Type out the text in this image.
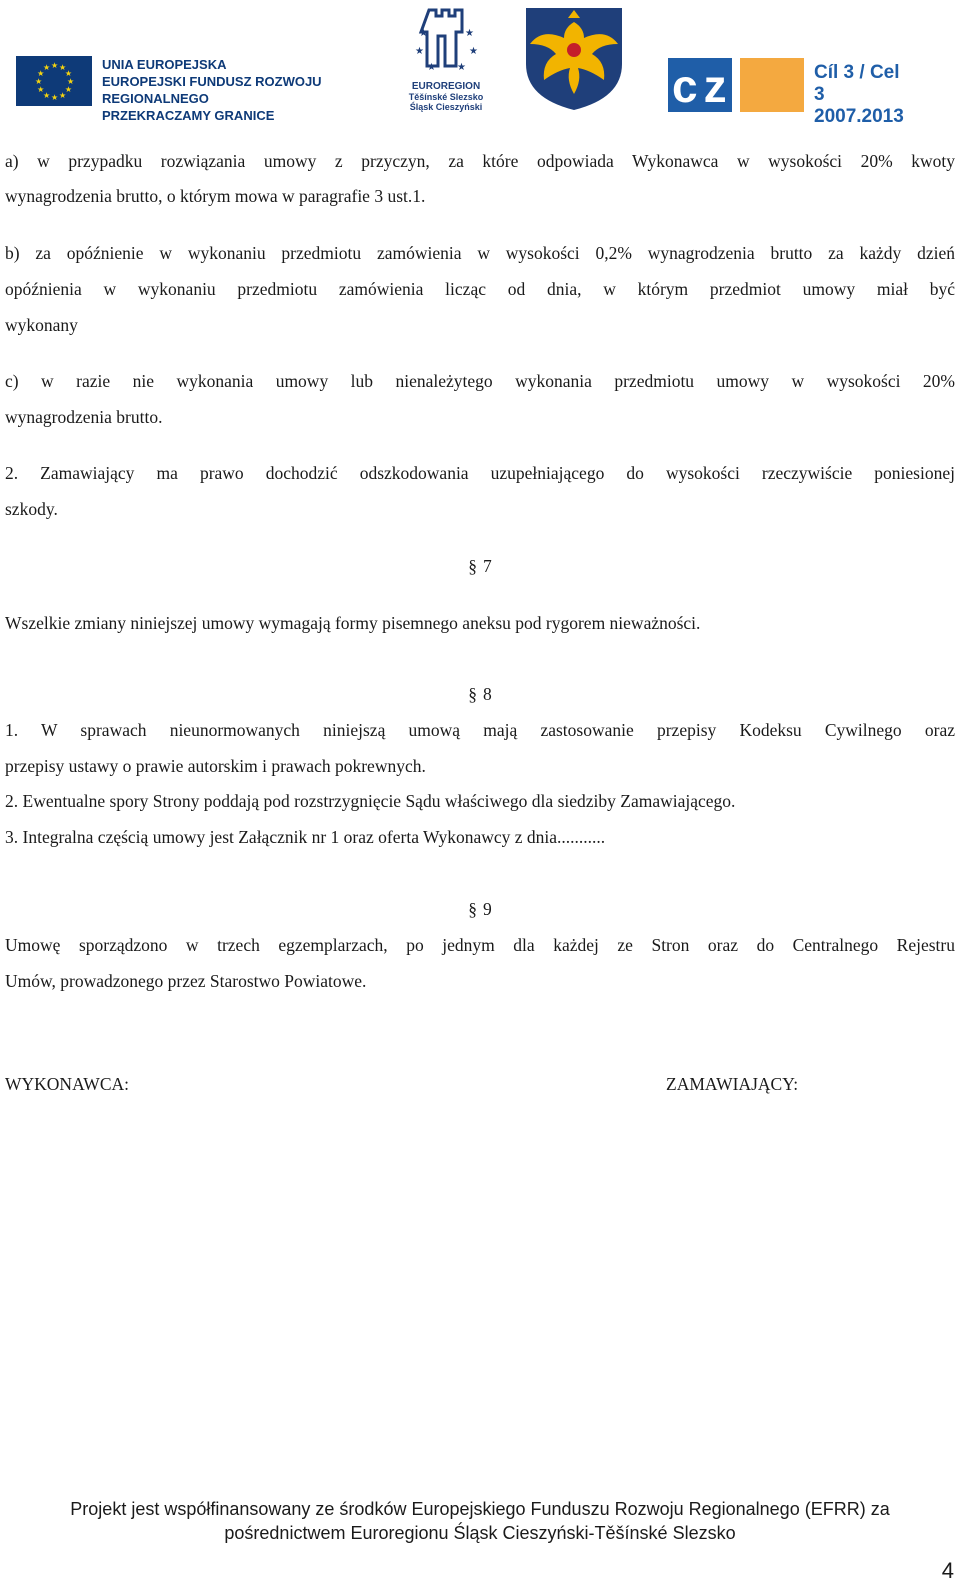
★ ★
★
★
★
★
★
★
★
★
★
★	UNIA EUROPEJSKA
EUROPEJSKI FUNDUSZ ROZWOJU REGIONALNEGO
PRZEKRACZAMY GRANICE
★	★
★	★
★ ★
EUROREGION
Těšínské Slezsko
Śląsk Cieszyński	cz pl
Cíl 3 / Cel 3
2007.2013
a) w przypadku rozwiązania umowy z przyczyn, za które odpowiada Wykonawca w wysokości 20% kwoty
wynagrodzenia brutto, o którym mowa w paragrafie 3 ust.1.
b) za opóźnienie w wykonaniu przedmiotu zamówienia w wysokości 0,2% wynagrodzenia brutto za każdy dzień
opóźnienia w wykonaniu przedmiotu zamówienia licząc od dnia, w którym przedmiot umowy miał być
wykonany
c) w razie nie wykonania umowy lub nienależytego wykonania przedmiotu umowy w wysokości 20%
wynagrodzenia brutto.
2. Zamawiający ma prawo dochodzić odszkodowania uzupełniającego do wysokości rzeczywiście poniesionej
szkody.
§ 7
Wszelkie zmiany niniejszej umowy wymagają formy pisemnego aneksu pod rygorem nieważności.
§ 8
1. W sprawach nieunormowanych niniejszą umową mają zastosowanie przepisy Kodeksu Cywilnego oraz
przepisy ustawy o prawie autorskim i prawach pokrewnych.
2. Ewentualne spory Strony poddają pod rozstrzygnięcie Sądu właściwego dla siedziby Zamawiającego.
3. Integralna częścią umowy jest Załącznik nr 1 oraz oferta Wykonawcy z dnia...........
§ 9
Umowę sporządzono w trzech egzemplarzach, po jednym dla każdej ze Stron oraz do Centralnego Rejestru
Umów, prowadzonego przez Starostwo Powiatowe.
WYKONAWCA:	ZAMAWIAJĄCY:
Projekt jest współfinansowany ze środków Europejskiego Funduszu Rozwoju Regionalnego (EFRR) za
pośrednictwem Euroregionu Śląsk Cieszyński-Těšínské Slezsko
4
